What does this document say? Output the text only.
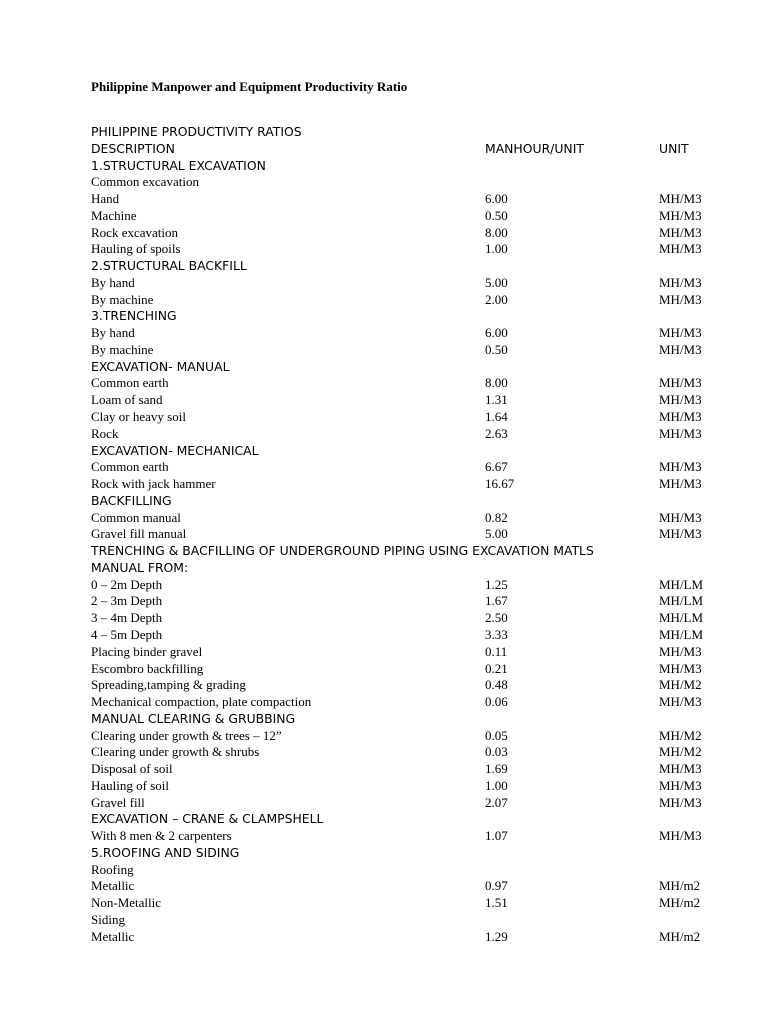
Philippine Manpower and Equipment Productivity Ratio
PHILIPPINE PRODUCTIVITY RATIOS
DESCRIPTION	MANHOUR/UNIT	UNIT
1.STRUCTURAL EXCAVATION
Common excavation
Hand	6.00	MH/M3
Machine	0.50	MH/M3
Rock excavation	8.00	MH/M3
Hauling of spoils	1.00	MH/M3
2.STRUCTURAL BACKFILL
By hand	5.00	MH/M3
By machine	2.00	MH/M3
3.TRENCHING
By hand	6.00	MH/M3
By machine	0.50	MH/M3
EXCAVATION- MANUAL
Common earth	8.00	MH/M3
Loam of sand	1.31	MH/M3
Clay or heavy soil	1.64	MH/M3
Rock	2.63	MH/M3
EXCAVATION- MECHANICAL
Common earth	6.67	MH/M3
Rock with jack hammer	16.67	MH/M3
BACKFILLING
Common manual	0.82	MH/M3
Gravel fill manual	5.00	MH/M3
TRENCHING & BACFILLING OF UNDERGROUND PIPING USING EXCAVATION MATLS
MANUAL FROM:
0 – 2m Depth	1.25	MH/LM
2 – 3m Depth	1.67	MH/LM
3 – 4m Depth	2.50	MH/LM
4 – 5m Depth	3.33	MH/LM
Placing binder gravel	0.11	MH/M3
Escombro backfilling	0.21	MH/M3
Spreading,tamping & grading	0.48	MH/M2
Mechanical compaction, plate compaction	0.06	MH/M3
MANUAL CLEARING & GRUBBING
Clearing under growth & trees – 12”	0.05	MH/M2
Clearing under growth & shrubs	0.03	MH/M2
Disposal of soil	1.69	MH/M3
Hauling of soil	1.00	MH/M3
Gravel fill	2.07	MH/M3
EXCAVATION – CRANE & CLAMPSHELL
With 8 men & 2 carpenters	1.07	MH/M3
5.ROOFING AND SIDING
Roofing
Metallic	0.97	MH/m2
Non-Metallic	1.51	MH/m2
Siding
Metallic	1.29	MH/m2
